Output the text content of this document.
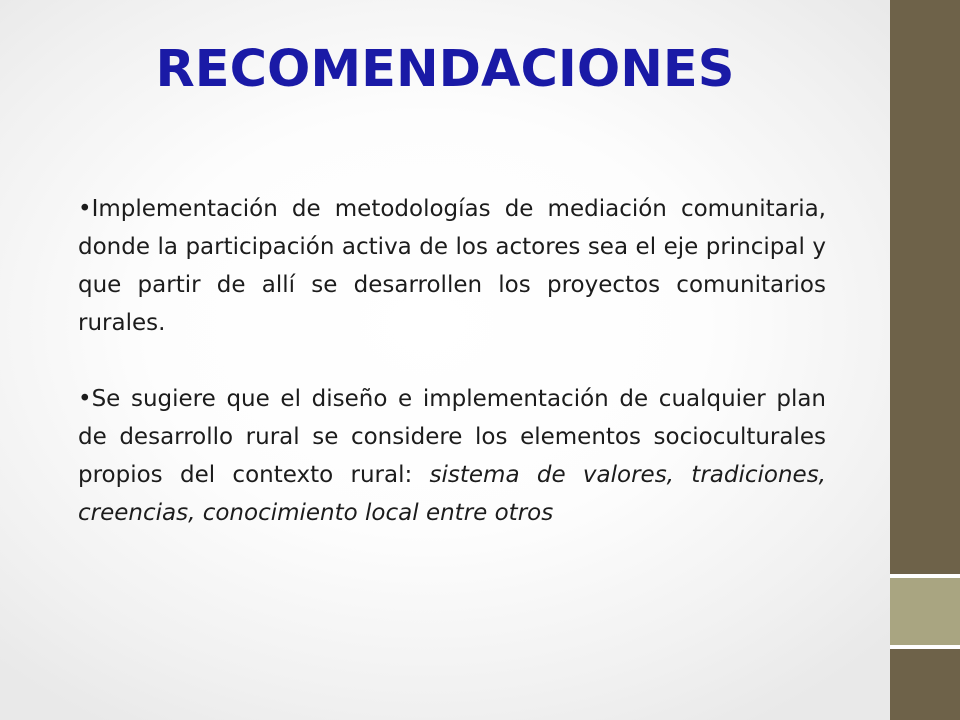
RECOMENDACIONES

•Implementación de metodologías de mediación comunitaria, donde la participación activa de los actores sea el eje principal y que partir de allí se desarrollen los proyectos comunitarios rurales.

•Se sugiere que el diseño e implementación de cualquier plan de desarrollo rural se considere los elementos socioculturales propios del contexto rural: sistema de valores, tradiciones, creencias, conocimiento local entre otros
